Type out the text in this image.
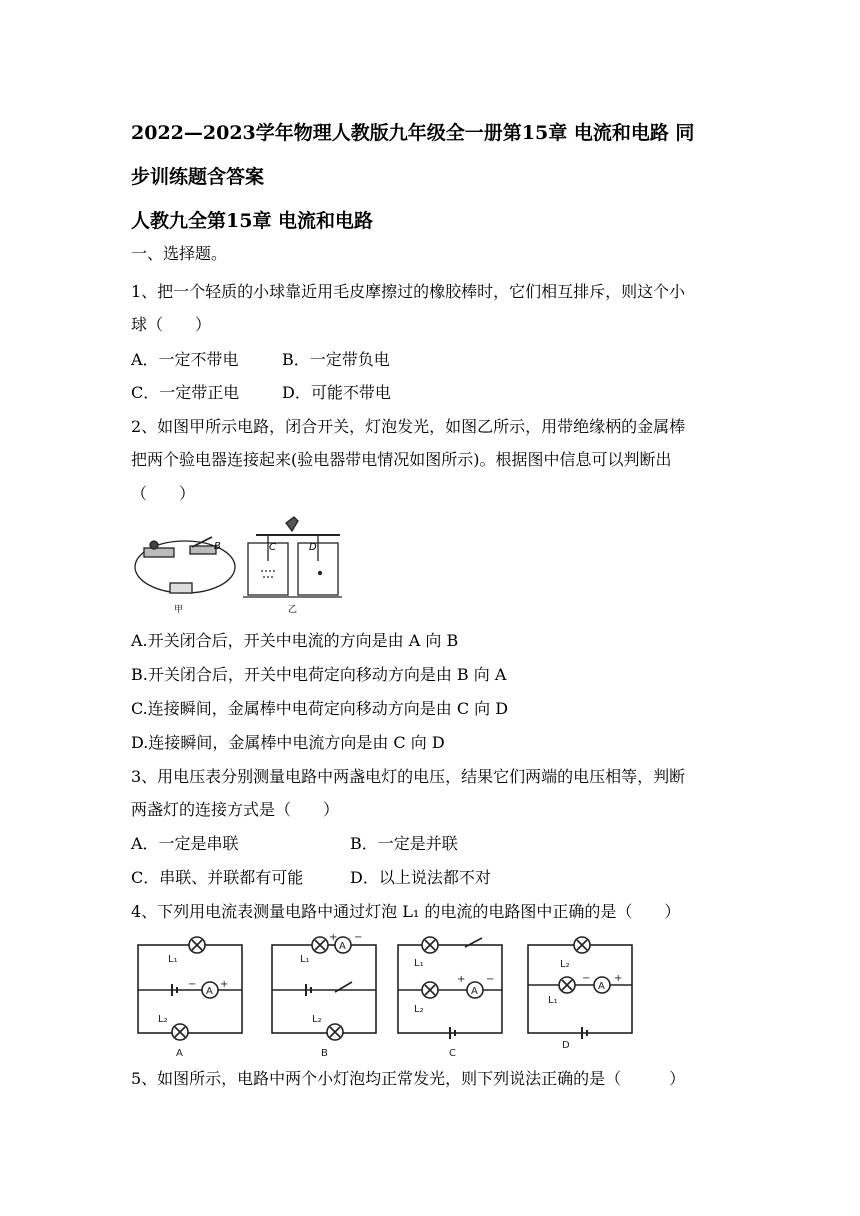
2022—2023学年物理人教版九年级全一册第15章 电流和电路 同
步训练题含答案
人教九全第15章 电流和电路
一、选择题。
1、把一个轻质的小球靠近用毛皮摩擦过的橡胶棒时，它们相互排斥，则这个小
球（　　）
A．一定不带电	B．一定带负电
C．一定带正电	D．可能不带电
2、如图甲所示电路，闭合开关，灯泡发光，如图乙所示，用带绝缘柄的金属棒
把两个验电器连接起来(验电器带电情况如图所示)。根据图中信息可以判断出
（　　）
B
甲
C	D
乙
A.开关闭合后，开关中电流的方向是由 A 向 B
B.开关闭合后，开关中电荷定向移动方向是由 B 向 A
C.连接瞬间，金属棒中电荷定向移动方向是由 C 向 D
D.连接瞬间，金属棒中电流方向是由 C 向 D
3、用电压表分别测量电路中两盏电灯的电压，结果它们两端的电压相等，判断
两盏灯的连接方式是（　　）
A．一定是串联	B．一定是并联
C．串联、并联都有可能	D．以上说法都不对
4、下列用电流表测量电路中通过灯泡 L₁ 的电流的电路图中正确的是（　　）
L₁
−
A
+
L₂
A
L₁
+
A
−
L₂
B
L₁
+
A
−
L₂
C
L₂
L₁
−
A
+
D
5、如图所示，电路中两个小灯泡均正常发光，则下列说法正确的是（　　　）
